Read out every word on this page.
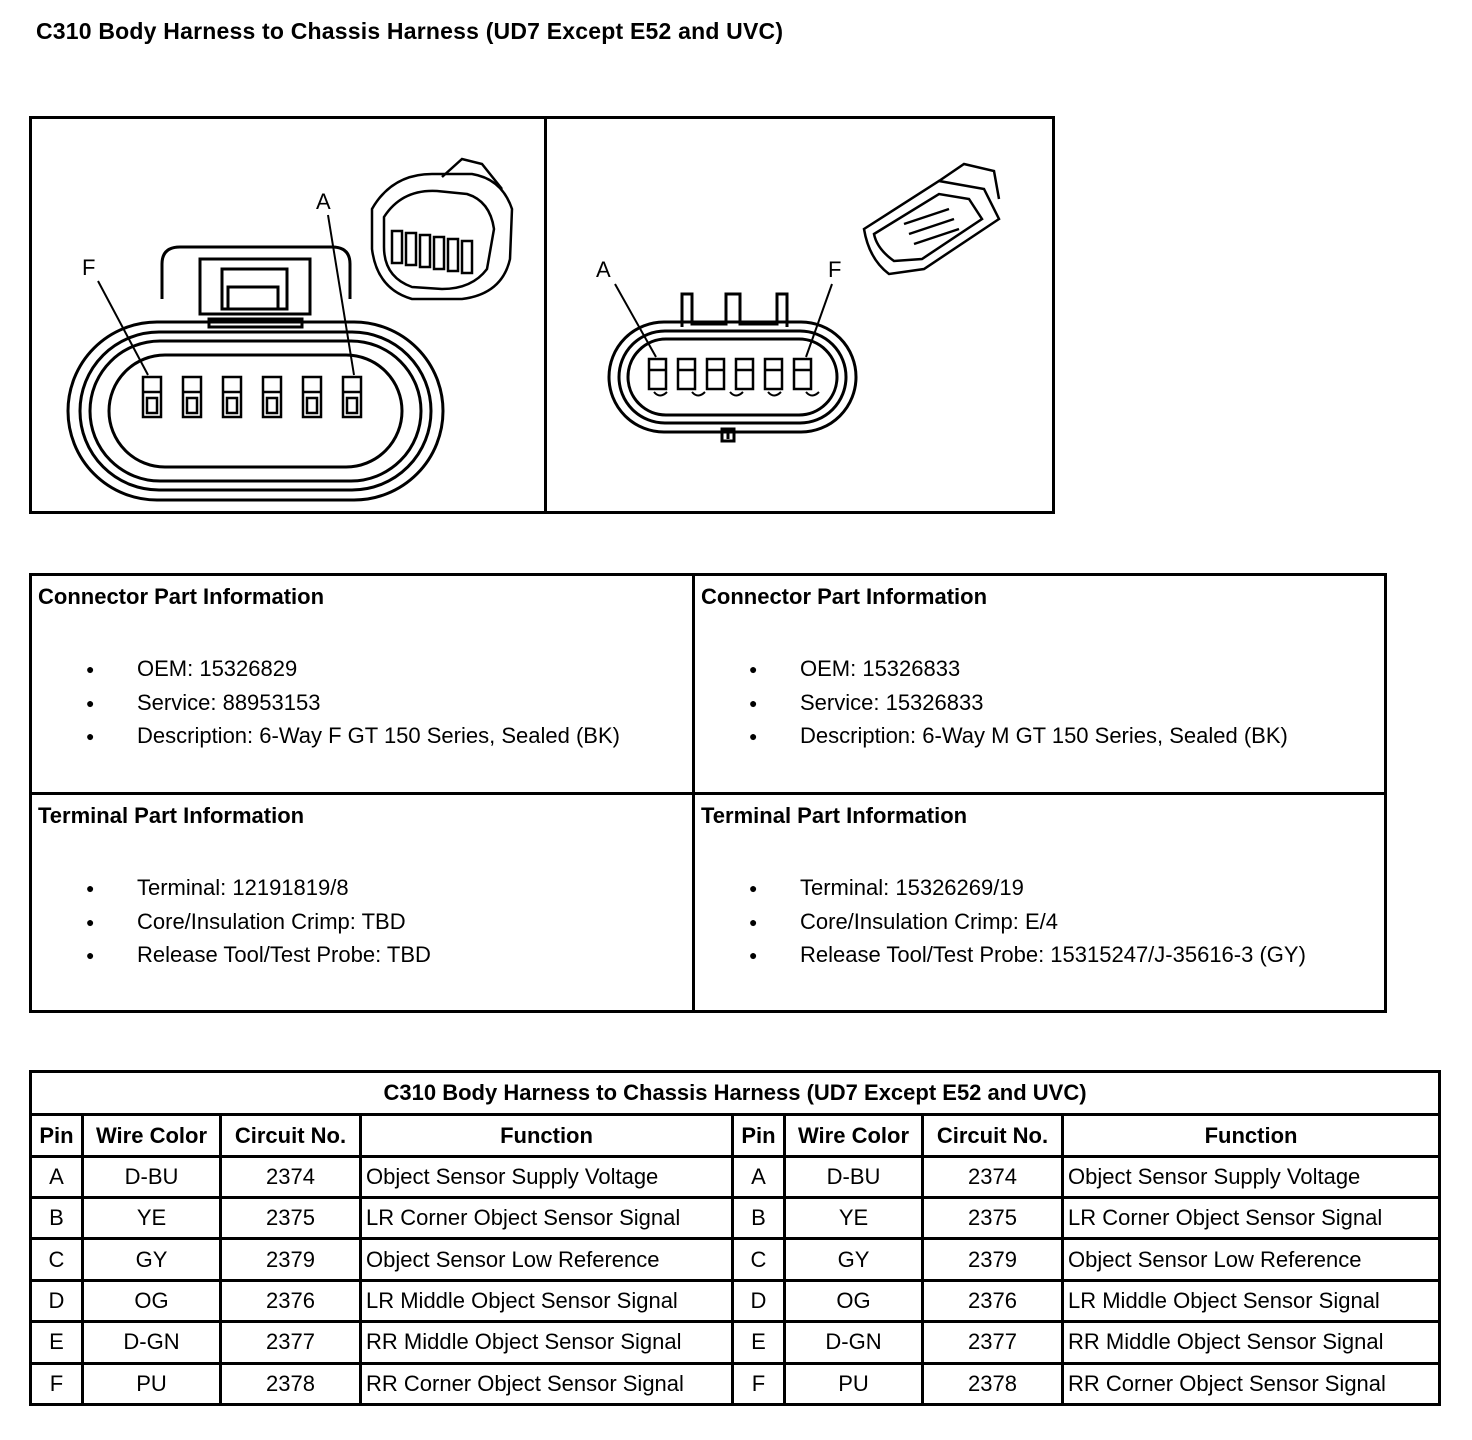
C310 Body Harness to Chassis Harness (UD7 Except E52 and UVC)
F
A
A	F
Connector Part Information
● OEM: 15326829
● Service: 88953153
● Description: 6-Way F GT 150 Series, Sealed (BK)
Connector Part Information
● OEM: 15326833
● Service: 15326833
● Description: 6-Way M GT 150 Series, Sealed (BK)
Terminal Part Information
● Terminal: 12191819/8
● Core/Insulation Crimp: TBD
● Release Tool/Test Probe: TBD
Terminal Part Information
● Terminal: 15326269/19
● Core/Insulation Crimp: E/4
● Release Tool/Test Probe: 15315247/J-35616-3 (GY)
C310 Body Harness to Chassis Harness (UD7 Except E52 and UVC)							
Pin	Wire Color	Circuit No.	Function	Pin	Wire Color	Circuit No.	Function
A	D-BU	2374	Object Sensor Supply Voltage	A	D-BU	2374	Object Sensor Supply Voltage
B	YE	2375	LR Corner Object Sensor Signal	B	YE	2375	LR Corner Object Sensor Signal
C	GY	2379	Object Sensor Low Reference	C	GY	2379	Object Sensor Low Reference
D	OG	2376	LR Middle Object Sensor Signal	D	OG	2376	LR Middle Object Sensor Signal
E	D-GN	2377	RR Middle Object Sensor Signal	E	D-GN	2377	RR Middle Object Sensor Signal
F	PU	2378	RR Corner Object Sensor Signal	F	PU	2378	RR Corner Object Sensor Signal
